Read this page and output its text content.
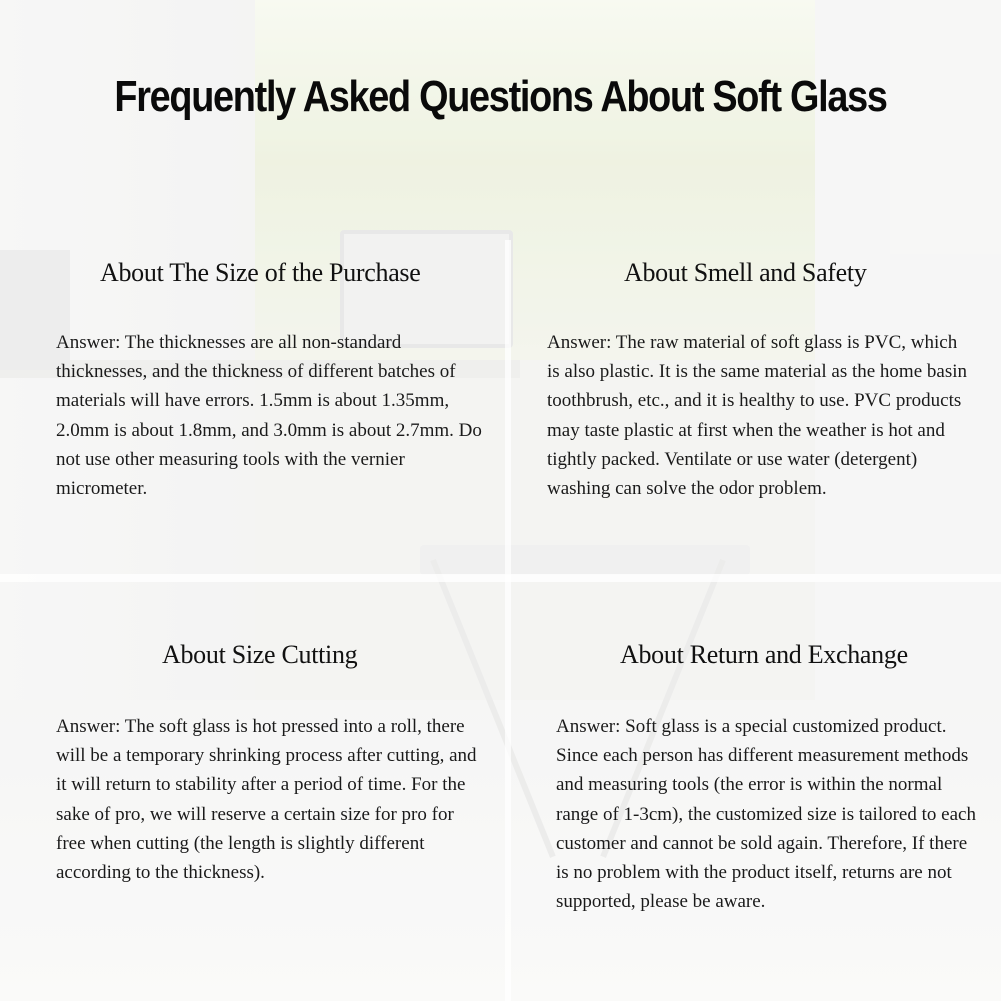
Frequently Asked Questions About Soft Glass
About The Size of the Purchase

Answer: The thicknesses are all non-standard thicknesses, and the thickness of different batches of materials will have errors. 1.5mm is about 1.35mm, 2.0mm is about 1.8mm, and 3.0mm is about 2.7mm. Do not use other measuring tools with the vernier micrometer.

About Smell and Safety

Answer: The raw material of soft glass is PVC, which is also plastic. It is the same material as the home basin toothbrush, etc., and it is healthy to use. PVC products may taste plastic at first when the weather is hot and tightly packed. Ventilate or use water (detergent) washing can solve the odor problem.

About Size Cutting

Answer: The soft glass is hot pressed into a roll, there will be a temporary shrinking process after cutting, and it will return to stability after a period of time. For the sake of pro, we will reserve a certain size for pro for free when cutting (the length is slightly different according to the thickness).

About Return and Exchange

Answer: Soft glass is a special customized product. Since each person has different measurement methods and measuring tools (the error is within the normal range of 1-3cm), the customized size is tailored to each customer and cannot be sold again. Therefore, If there is no problem with the product itself, returns are not supported, please be aware.
